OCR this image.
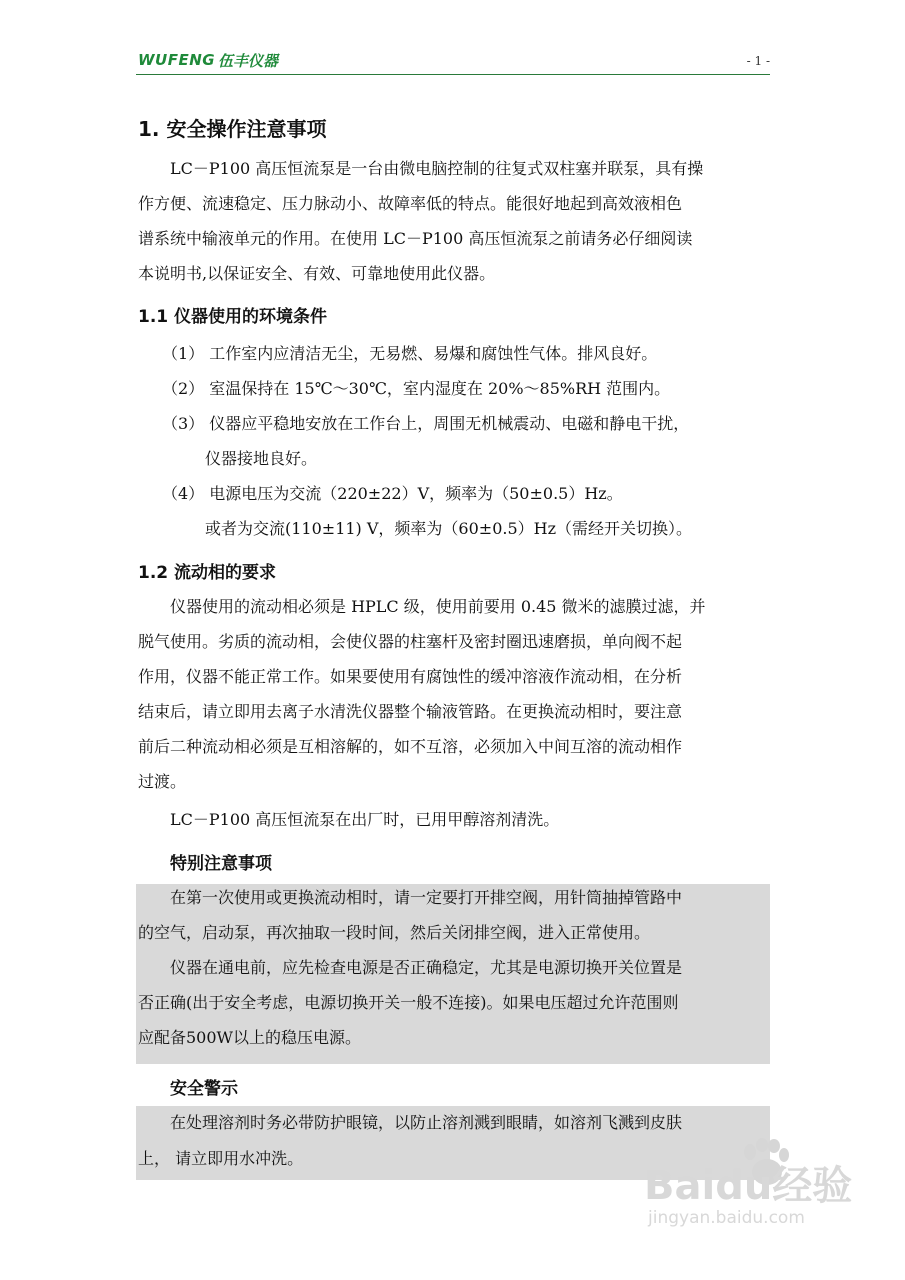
WUFENG 伍丰仪器	- 1 -
1. 安全操作注意事项
LC－P100 高压恒流泵是一台由微电脑控制的往复式双柱塞并联泵，具有操
作方便、流速稳定、压力脉动小、故障率低的特点。能很好地起到高效液相色
谱系统中输液单元的作用。在使用 LC－P100 高压恒流泵之前请务必仔细阅读
本说明书,以保证安全、有效、可靠地使用此仪器。
1.1 仪器使用的环境条件
（1） 工作室内应清洁无尘，无易燃、易爆和腐蚀性气体。排风良好。
（2） 室温保持在 15℃～30℃，室内湿度在 20%～85%RH 范围内。
（3） 仪器应平稳地安放在工作台上，周围无机械震动、电磁和静电干扰，
仪器接地良好。
（4） 电源电压为交流（220±22）V，频率为（50±0.5）Hz。
或者为交流(110±11) V，频率为（60±0.5）Hz（需经开关切换）。
1.2 流动相的要求
仪器使用的流动相必须是 HPLC 级，使用前要用 0.45 微米的滤膜过滤，并
脱气使用。劣质的流动相，会使仪器的柱塞杆及密封圈迅速磨损，单向阀不起
作用，仪器不能正常工作。如果要使用有腐蚀性的缓冲溶液作流动相，在分析
结束后，请立即用去离子水清洗仪器整个输液管路。在更换流动相时，要注意
前后二种流动相必须是互相溶解的，如不互溶，必须加入中间互溶的流动相作
过渡。
LC－P100 高压恒流泵在出厂时，已用甲醇溶剂清洗。
特别注意事项
在第一次使用或更换流动相时，请一定要打开排空阀，用针筒抽掉管路中
的空气，启动泵，再次抽取一段时间，然后关闭排空阀，进入正常使用。
仪器在通电前，应先检查电源是否正确稳定，尤其是电源切换开关位置是
否正确(出于安全考虑，电源切换开关一般不连接)。如果电压超过允许范围则
应配备500W以上的稳压电源。
安全警示
在处理溶剂时务必带防护眼镜，以防止溶剂溅到眼睛，如溶剂飞溅到皮肤
上， 请立即用水冲洗。
Baidu经验
jingyan.baidu.com
